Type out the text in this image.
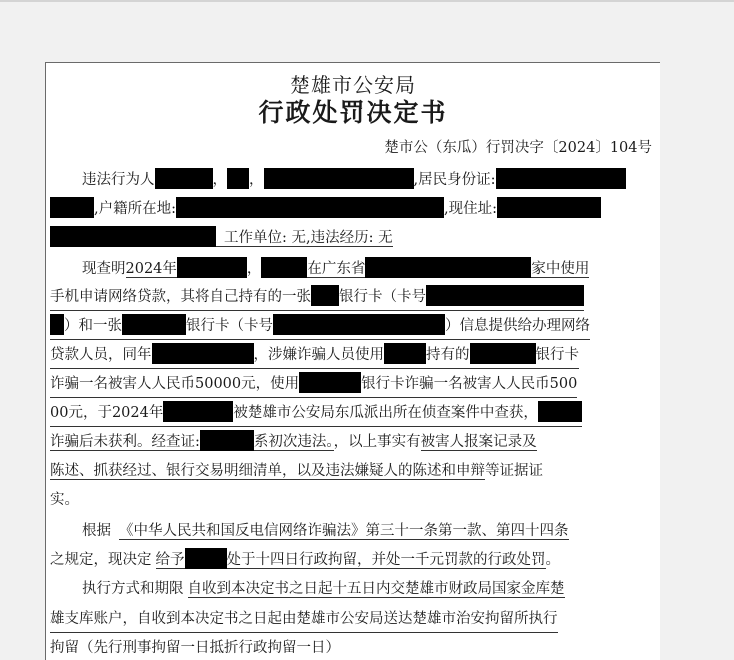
楚雄市公安局
行政处罚决定书
楚市公（东瓜）行罚决字〔2024〕104号
违法行为人	， ，	,居民身份证:
,户籍所在地:	,现住址:
工作单位: 无,违法经历: 无
现查明2024年	，	在广东省	家中使用
手机申请网络贷款，其将自己持有的一张 银行卡（卡号
）和一张	银行卡（卡号	）信息提供给办理网络
贷款人员，同年	，涉嫌诈骗人员使用	持有的	银行卡
诈骗一名被害人人民币50000元，使用	银行卡诈骗一名被害人人民币500
00元，于2024年	被楚雄市公安局东瓜派出所在侦查案件中查获，
诈骗后未获利。经查证:	系初次违法。，以上事实有被害人报案记录及
陈述、抓获经过、银行交易明细清单，以及违法嫌疑人的陈述和申辩等证据证
实。
根据 《中华人民共和国反电信网络诈骗法》第三十一条第一款、第四十四条
之规定，现决定 给予	处于十四日行政拘留，并处一千元罚款的行政处罚。
执行方式和期限 自收到本决定书之日起十五日内交楚雄市财政局国家金库楚
雄支库账户，自收到本决定书之日起由楚雄市公安局送达楚雄市治安拘留所执行
拘留（先行刑事拘留一日抵折行政拘留一日）
